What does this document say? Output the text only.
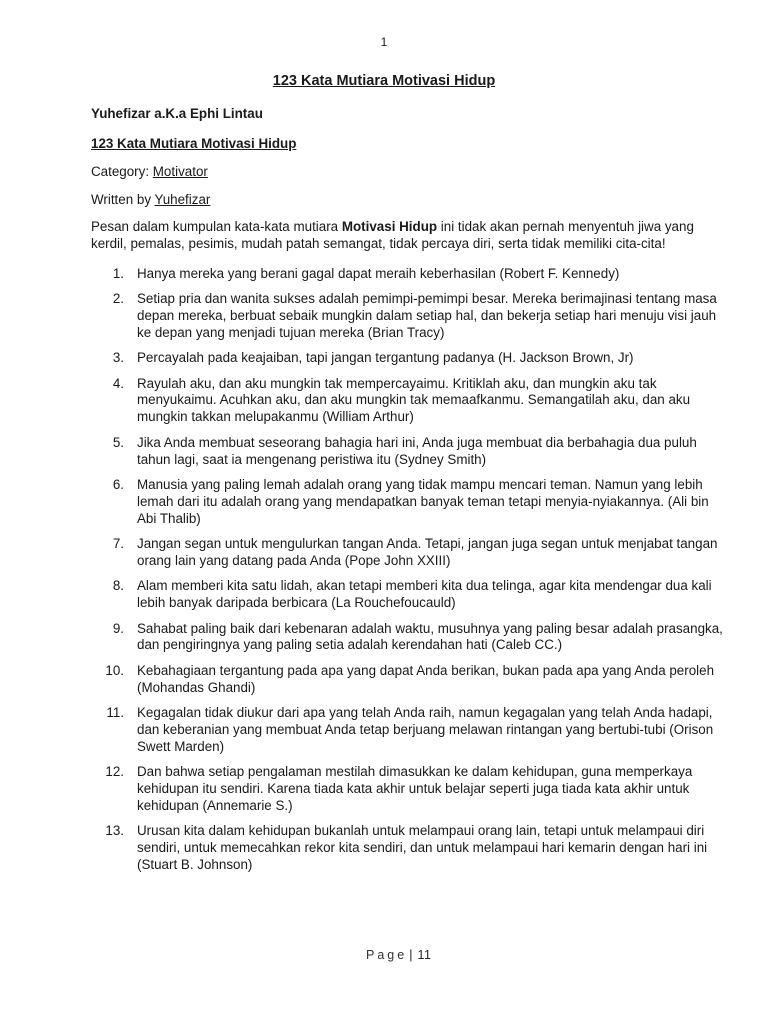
1
123 Kata Mutiara Motivasi Hidup

Yuhefizar a.K.a Ephi Lintau

123 Kata Mutiara Motivasi Hidup

Category: Motivator

Written by Yuhefizar

Pesan dalam kumpulan kata-kata mutiara Motivasi Hidup ini tidak akan pernah menyentuh jiwa yang kerdil, pemalas, pesimis, mudah patah semangat, tidak percaya diri, serta tidak memiliki cita-cita!

1. Hanya mereka yang berani gagal dapat meraih keberhasilan (Robert F. Kennedy)
2. Setiap pria dan wanita sukses adalah pemimpi-pemimpi besar. Mereka berimajinasi tentang masa depan mereka, berbuat sebaik mungkin dalam setiap hal, dan bekerja setiap hari menuju visi jauh ke depan yang menjadi tujuan mereka (Brian Tracy)
3. Percayalah pada keajaiban, tapi jangan tergantung padanya (H. Jackson Brown, Jr)
4. Rayulah aku, dan aku mungkin tak mempercayaimu. Kritiklah aku, dan mungkin aku tak menyukaimu. Acuhkan aku, dan aku mungkin tak memaafkanmu. Semangatilah aku, dan aku mungkin takkan melupakanmu (William Arthur)
5. Jika Anda membuat seseorang bahagia hari ini, Anda juga membuat dia berbahagia dua puluh tahun lagi, saat ia mengenang peristiwa itu (Sydney Smith)
6. Manusia yang paling lemah adalah orang yang tidak mampu mencari teman. Namun yang lebih lemah dari itu adalah orang yang mendapatkan banyak teman tetapi menyia-nyiakannya. (Ali bin Abi Thalib)
7. Jangan segan untuk mengulurkan tangan Anda. Tetapi, jangan juga segan untuk menjabat tangan orang lain yang datang pada Anda (Pope John XXIII)
8. Alam memberi kita satu lidah, akan tetapi memberi kita dua telinga, agar kita mendengar dua kali lebih banyak daripada berbicara (La Rouchefoucauld)
9. Sahabat paling baik dari kebenaran adalah waktu, musuhnya yang paling besar adalah prasangka, dan pengiringnya yang paling setia adalah kerendahan hati (Caleb CC.)
10. Kebahagiaan tergantung pada apa yang dapat Anda berikan, bukan pada apa yang Anda peroleh (Mohandas Ghandi)
11. Kegagalan tidak diukur dari apa yang telah Anda raih, namun kegagalan yang telah Anda hadapi, dan keberanian yang membuat Anda tetap berjuang melawan rintangan yang bertubi-tubi (Orison Swett Marden)
12. Dan bahwa setiap pengalaman mestilah dimasukkan ke dalam kehidupan, guna memperkaya kehidupan itu sendiri. Karena tiada kata akhir untuk belajar seperti juga tiada kata akhir untuk kehidupan (Annemarie S.)
13. Urusan kita dalam kehidupan bukanlah untuk melampaui orang lain, tetapi untuk melampaui diri sendiri, untuk memecahkan rekor kita sendiri, dan untuk melampaui hari kemarin dengan hari ini (Stuart B. Johnson)
Page | 11
